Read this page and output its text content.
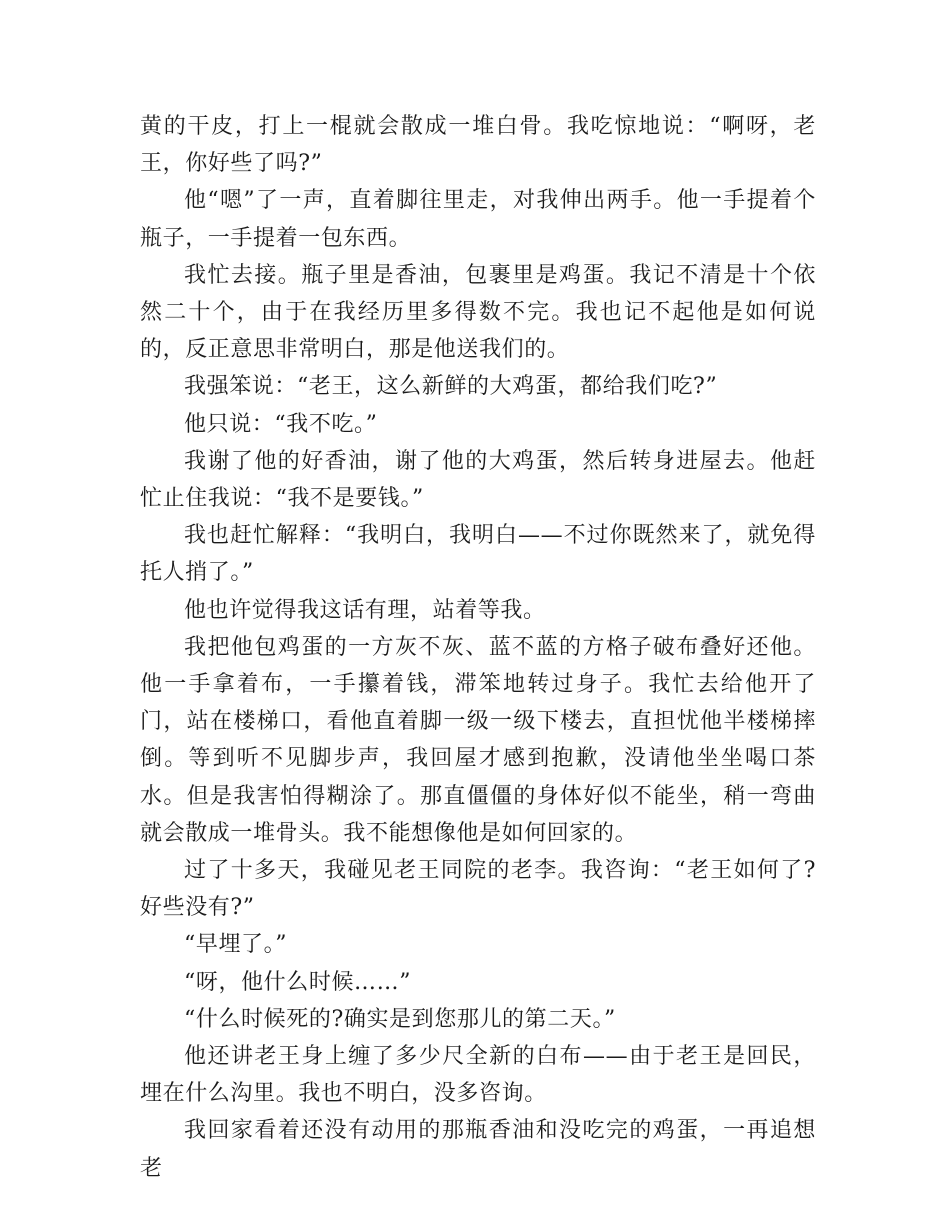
黄的干皮，打上一棍就会散成一堆白骨。我吃惊地说：“啊呀，老王，你好些了吗?”

他“嗯”了一声，直着脚往里走，对我伸出两手。他一手提着个瓶子，一手提着一包东西。

我忙去接。瓶子里是香油，包裹里是鸡蛋。我记不清是十个依然二十个，由于在我经历里多得数不完。我也记不起他是如何说的，反正意思非常明白，那是他送我们的。

我强笨说：“老王，这么新鲜的大鸡蛋，都给我们吃?”

他只说：“我不吃。”

我谢了他的好香油，谢了他的大鸡蛋，然后转身进屋去。他赶忙止住我说：“我不是要钱。”

我也赶忙解释：“我明白，我明白——不过你既然来了，就免得托人捎了。”

他也许觉得我这话有理，站着等我。

我把他包鸡蛋的一方灰不灰、蓝不蓝的方格子破布叠好还他。他一手拿着布，一手攥着钱，滞笨地转过身子。我忙去给他开了门，站在楼梯口，看他直着脚一级一级下楼去，直担忧他半楼梯摔倒。等到听不见脚步声，我回屋才感到抱歉，没请他坐坐喝口茶水。但是我害怕得糊涂了。那直僵僵的身体好似不能坐，稍一弯曲就会散成一堆骨头。我不能想像他是如何回家的。

过了十多天，我碰见老王同院的老李。我咨询：“老王如何了?好些没有?”

“早埋了。”

“呀，他什么时候……”

“什么时候死的?确实是到您那儿的第二天。”

他还讲老王身上缠了多少尺全新的白布——由于老王是回民，埋在什么沟里。我也不明白，没多咨询。

我回家看着还没有动用的那瓶香油和没吃完的鸡蛋，一再追想老
